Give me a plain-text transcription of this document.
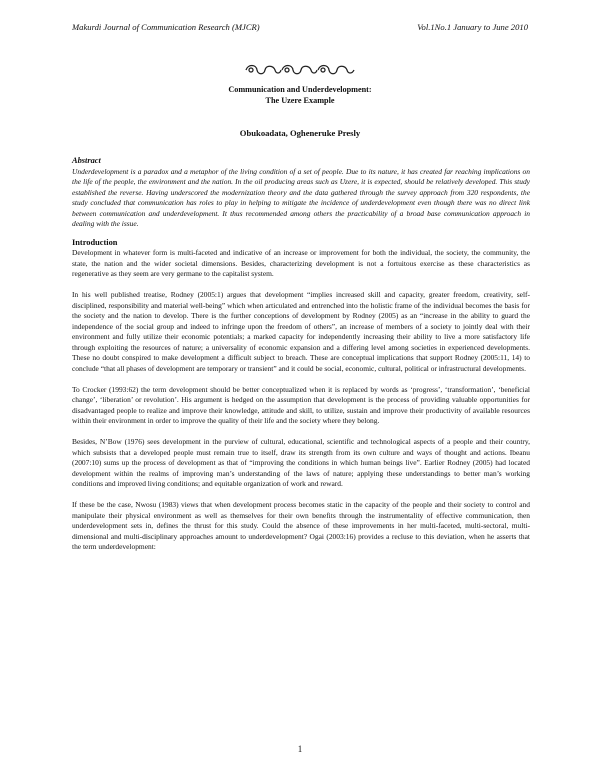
Makurdi Journal of Communication Research (MJCR)	Vol.1No.1 January to June 2010
Communication and Underdevelopment:
The Uzere Example
Obukoadata, Ogheneruke Presly
Abstract

Underdevelopment is a paradox and a metaphor of the living condition of a set of people. Due to its nature, it has created far reaching implications on the life of the people, the environment and the nation. In the oil producing areas such as Uzere, it is expected, should be relatively developed. This study established the reverse. Having underscored the modernization theory and the data gathered through the survey approach from 320 respondents, the study concluded that communication has roles to play in helping to mitigate the incidence of underdevelopment even though there was no direct link between communication and underdevelopment. It thus recommended among others the practicability of a broad base communication approach in dealing with the issue.

Introduction

Development in whatever form is multi-faceted and indicative of an increase or improvement for both the individual, the society, the community, the state, the nation and the wider societal dimensions. Besides, characterizing development is not a fortuitous exercise as these characteristics as regenerative as they seem are very germane to the capitalist system.

In his well published treatise, Rodney (2005:1) argues that development “implies increased skill and capacity, greater freedom, creativity, self-disciplined, responsibility and material well-being” which when articulated and entrenched into the holistic frame of the individual becomes the basis for the society and the nation to develop. There is the further conceptions of development by Rodney (2005) as an “increase in the ability to guard the independence of the social group and indeed to infringe upon the freedom of others”, an increase of members of a society to jointly deal with their environment and fully utilize their economic potentials; a marked capacity for independently increasing their ability to live a more satisfactory life through exploiting the resources of nature; a universality of economic expansion and a differing level among societies in experienced developments. These no doubt conspired to make development a difficult subject to breach. These are conceptual implications that support Rodney (2005:11, 14) to conclude “that all phases of development are temporary or transient” and it could be social, economic, cultural, political or infrastructural developments.

To Crocker (1993:62) the term development should be better conceptualized when it is replaced by words as ‘progress’, ‘transformation’, ‘beneficial change’, ‘liberation’ or revolution’. His argument is hedged on the assumption that development is the process of providing valuable opportunities for disadvantaged people to realize and improve their knowledge, attitude and skill, to utilize, sustain and improve their productivity of available resources within their environment in order to improve the quality of their life and the society where they belong.

Besides, N’Bow (1976) sees development in the purview of cultural, educational, scientific and technological aspects of a people and their country, which subsists that a developed people must remain true to itself, draw its strength from its own culture and ways of thought and actions. Ibeanu (2007:10) sums up the process of development as that of “improving the conditions in which human beings live”. Earlier Rodney (2005) had located development within the realms of improving man’s understanding of the laws of nature; applying these understandings to better man’s working conditions and improved living conditions; and equitable organization of work and reward.

If these be the case, Nwosu (1983) views that when development process becomes static in the capacity of the people and their society to control and manipulate their physical environment as well as themselves for their own benefits through the instrumentality of effective communication, then underdevelopment sets in, defines the thrust for this study. Could the absence of these improvements in her multi-faceted, multi-sectoral, multi-dimensional and multi-disciplinary approaches amount to underdevelopment? Ogai (2003:16) provides a recluse to this deviation, when he asserts that the term underdevelopment:

1
